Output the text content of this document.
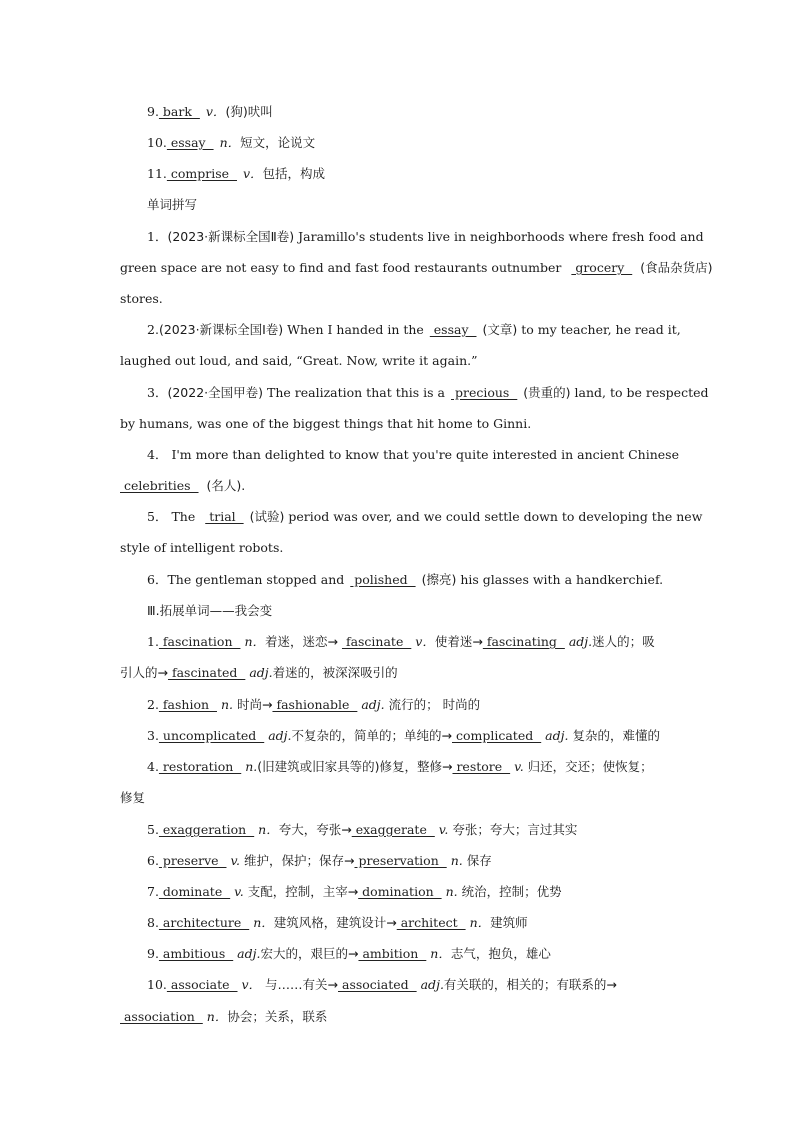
9. bark  v．(狗)吠叫
10. essay  n．短文，论说文
11. comprise  v．包括，构成
单词拼写
1．(2023·新课标全国Ⅱ卷) Jaramillo's students live in neighborhoods where fresh food and
green space are not easy to find and fast food restaurants outnumber grocery  (食品杂货店)
stores.
2.(2023·新课标全国Ⅰ卷) When I handed in the essay  (文章) to my teacher, he read it,
laughed out loud, and said, “Great. Now, write it again.”
3．(2022·全国甲卷) The realization that this is a precious  (贵重的) land, to be respected
by humans, was one of the biggest things that hit home to Ginni.
4． I'm more than delighted to know that you're quite interested in ancient Chinese
celebrities  (名人).
5． The trial  (试验) period was over, and we could settle down to developing the new
style of intelligent robots.
6．The gentleman stopped and polished  (擦亮) his glasses with a handkerchief.
Ⅲ.拓展单词——我会变
1. fascination   n．着迷，迷恋→  fascinate   v．使着迷→ fascinating   adj.迷人的；吸
引人的→ fascinated   adj.着迷的，被深深吸引的
2. fashion   n. 时尚→ fashionable   adj. 流行的； 时尚的
3. uncomplicated   adj.不复杂的，简单的；单纯的→ complicated   adj. 复杂的，难懂的
4. restoration   n.(旧建筑或旧家具等的)修复，整修→ restore   v. 归还，交还；使恢复；
修复
5. exaggeration   n．夸大，夸张→ exaggerate   v. 夸张；夸大；言过其实
6. preserve   v. 维护，保护；保存→ preservation   n. 保存
7. dominate   v. 支配，控制，主宰→ domination   n. 统治，控制；优势
8. architecture   n．建筑风格，建筑设计→ architect   n．建筑师
9. ambitious   adj.宏大的，艰巨的→ ambition   n．志气，抱负，雄心
10. associate   v． 与……有关→ associated   adj.有关联的，相关的；有联系的→
association   n．协会；关系，联系
